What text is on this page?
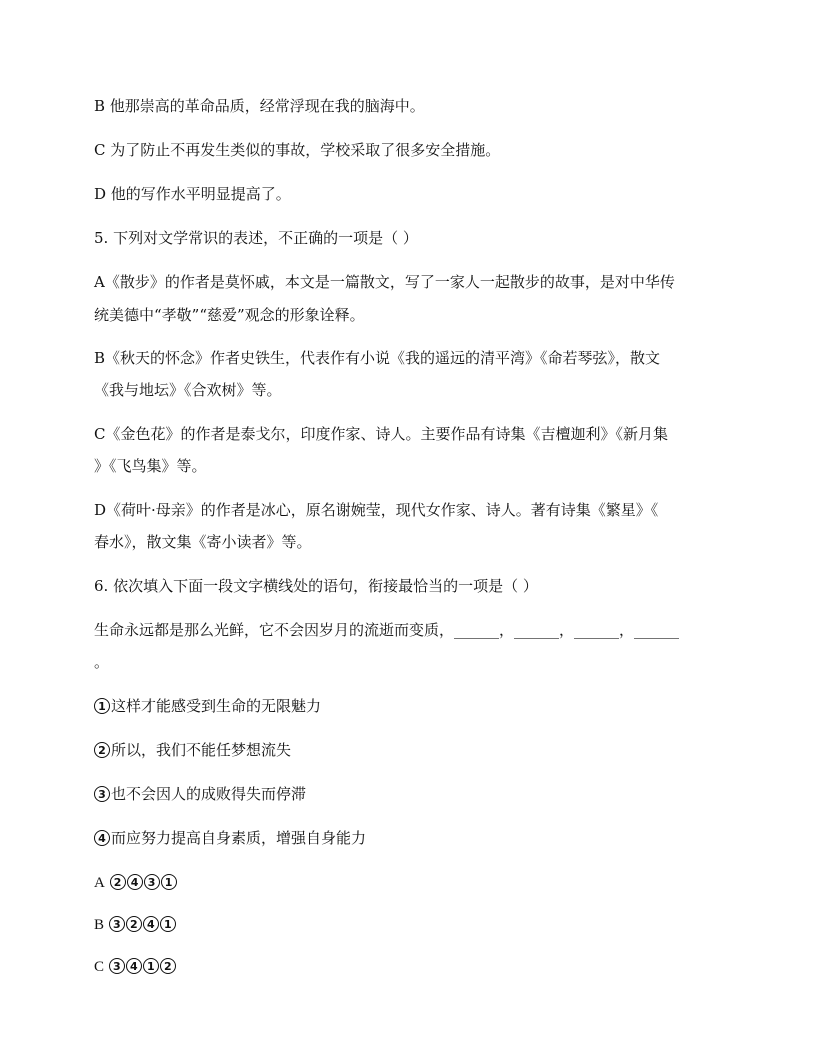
B 他那崇高的革命品质，经常浮现在我的脑海中。
C 为了防止不再发生类似的事故，学校采取了很多安全措施。
D 他的写作水平明显提高了。
5. 下列对文学常识的表述，不正确的一项是（ ）
A《散步》的作者是莫怀戚，本文是一篇散文，写了一家人一起散步的故事，是对中华传
统美德中“孝敬”“慈爱”观念的形象诠释。
B《秋天的怀念》作者史铁生，代表作有小说《我的遥远的清平湾》《命若琴弦》，散文
《我与地坛》《合欢树》等。
C《金色花》的作者是泰戈尔，印度作家、诗人。主要作品有诗集《吉檀迦利》《新月集
》《飞鸟集》等。
D《荷叶·母亲》的作者是冰心，原名谢婉莹，现代女作家、诗人。著有诗集《繁星》《
春水》，散文集《寄小读者》等。
6. 依次填入下面一段文字横线处的语句，衔接最恰当的一项是（ ）
生命永远都是那么光鲜，它不会因岁月的流逝而变质，______，______，______，______
。
1 这样才能感受到生命的无限魅力
2 所以，我们不能任梦想流失
3 也不会因人的成败得失而停滞
4 而应努力提高自身素质，增强自身能力
A 2 4 3 1
B 3 2 4 1
C 3 4 1 2
